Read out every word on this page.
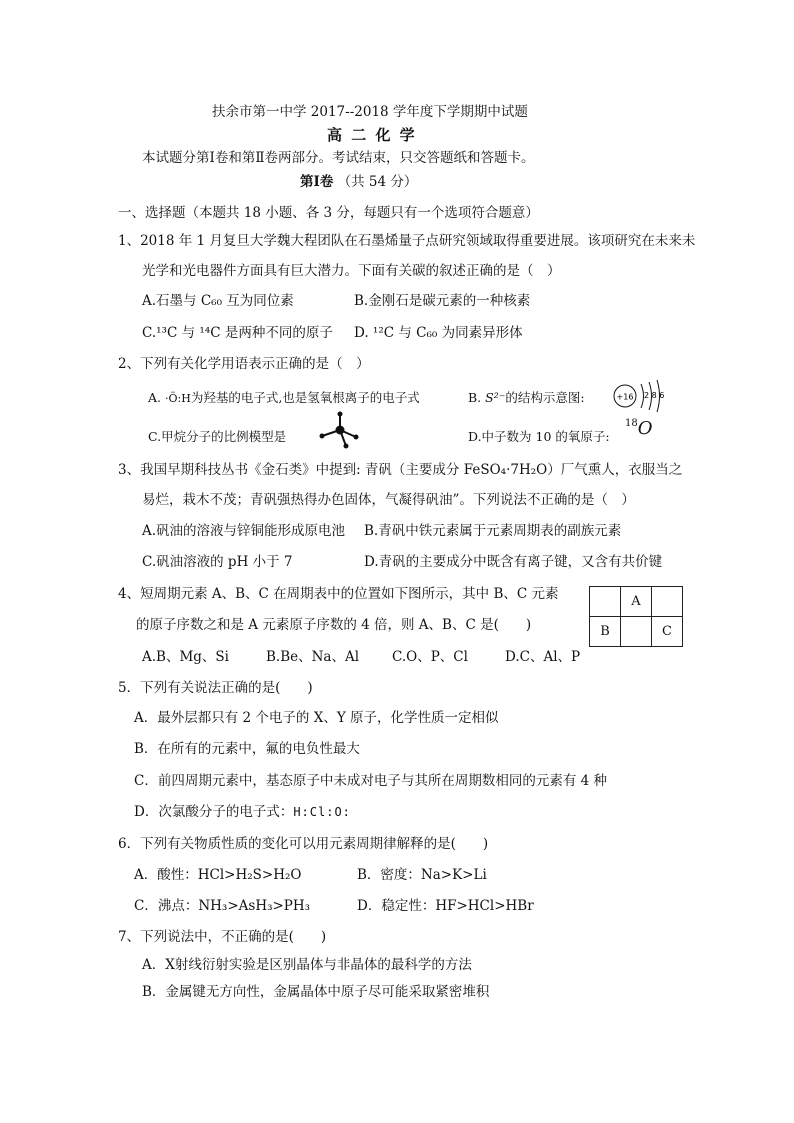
扶余市第一中学 2017--2018 学年度下学期期中试题
高 二 化 学
本试题分第Ⅰ卷和第Ⅱ卷两部分。考试结束，只交答题纸和答题卡。
第Ⅰ卷 （共 54 分）
一、选择题（本题共 18 小题、各 3 分，每题只有一个选项符合题意）
1、2018 年 1 月复旦大学魏大程团队在石墨烯量子点研究领域取得重要进展。该项研究在未来未
光学和光电器件方面具有巨大潜力。下面有关碳的叙述正确的是（　）
A.石墨与 C₆₀ 互为同位素	B.金刚石是碳元素的一种核素
C.¹³C 与 ¹⁴C 是两种不同的原子 D. ¹²C 与 C₆₀ 为同素异形体
2、下列有关化学用语表示正确的是（　）
A. ·Ö:H为羟基的电子式,也是氢氧根离子的电子式	B. S²⁻的结构示意图:	+16 2 8 6
C.甲烷分子的比例模型是	D.中子数为 10 的氧原子:
$^{18}$O
3、我国早期科技丛书《金石类》中提到: 青矾（主要成分 FeSO₄·7H₂O）厂气熏人，衣服当之
易烂，栽木不茂；青矾强热得办色固体，气凝得矾油”。下列说法不正确的是（　）
A.矾油的溶液与锌铜能形成原电池 B.青矾中铁元素属于元素周期表的副族元素
C.矾油溶液的 pH 小于 7	D.青矾的主要成分中既含有离子键，又含有共价键
4、短周期元素 A、B、C 在周期表中的位置如下图所示，其中 B、C 元素
的原子序数之和是 A 元素原子序数的 4 倍，则 A、B、C 是(　　)
A.B、Mg、Si	B.Be、Na、Al C.O、P、Cl	D.C、Al、P
	A	
B		C
5．下列有关说法正确的是(　　)
A．最外层都只有 2 个电子的 X、Y 原子，化学性质一定相似
B．在所有的元素中，氟的电负性最大
C．前四周期元素中，基态原子中未成对电子与其所在周期数相同的元素有 4 种
D．次氯酸分子的电子式：H:Cl:O:
6．下列有关物质性质的变化可以用元素周期律解释的是(　　)
A．酸性：HCl>H₂S>H₂O	B．密度：Na>K>Li
C．沸点：NH₃>AsH₃>PH₃	D．稳定性：HF>HCl>HBr
7、下列说法中，不正确的是(　　)
A．X射线衍射实验是区别晶体与非晶体的最科学的方法
B．金属键无方向性，金属晶体中原子尽可能采取紧密堆积
